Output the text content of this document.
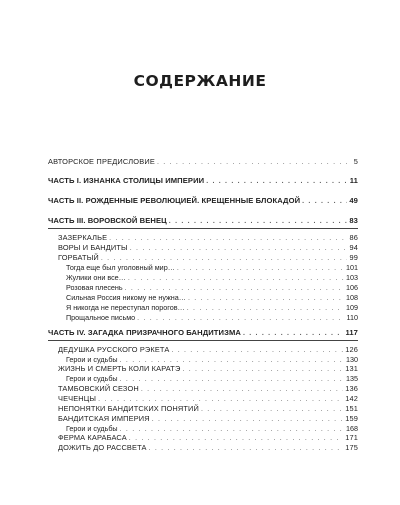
СОДЕРЖАНИЕ
АВТОРСКОЕ ПРЕДИСЛОВИЕ . . .	5
ЧАСТЬ I. ИЗНАНКА СТОЛИЦЫ ИМПЕРИИ . . .	11
ЧАСТЬ II. РОЖДЕННЫЕ РЕВОЛЮЦИЕЙ. КРЕЩЕННЫЕ БЛОКАДОЙ . . .	49
ЧАСТЬ III. ВОРОВСКОЙ ВЕНЕЦ . . .	83
ЗАЗЕРКАЛЬЕ . . .	86
ВОРЫ И БАНДИТЫ . . .	94
ГОРБАТЫЙ . . .	99
Тогда еще был уголовный мир… . . .	101
Жулики они все… . . .	103
Розовая плесень . . .	106
Сильная Россия никому не нужна… . . .	108
Я никогда не переступал порогов… . . .	109
Прощальное письмо . . .	110
ЧАСТЬ IV. ЗАГАДКА ПРИЗРАЧНОГО БАНДИТИЗМА . . .	117
ДЕДУШКА РУССКОГО РЭКЕТА . . .	126
Герои и судьбы . . .	130
ЖИЗНЬ И СМЕРТЬ КОЛИ КАРАТЭ . . .	131
Герои и судьбы . . .	135
ТАМБОВСКИЙ СЕЗОН . . .	136
ЧЕЧЕНЦЫ . . .	142
НЕПОНЯТКИ БАНДИТСКИХ ПОНЯТИЙ . . .	151
БАНДИТСКАЯ ИМПЕРИЯ . . .	159
Герои и судьбы . . .	168
ФЕРМА КАРАБАСА . . .	171
ДОЖИТЬ ДО РАССВЕТА . . .	175
